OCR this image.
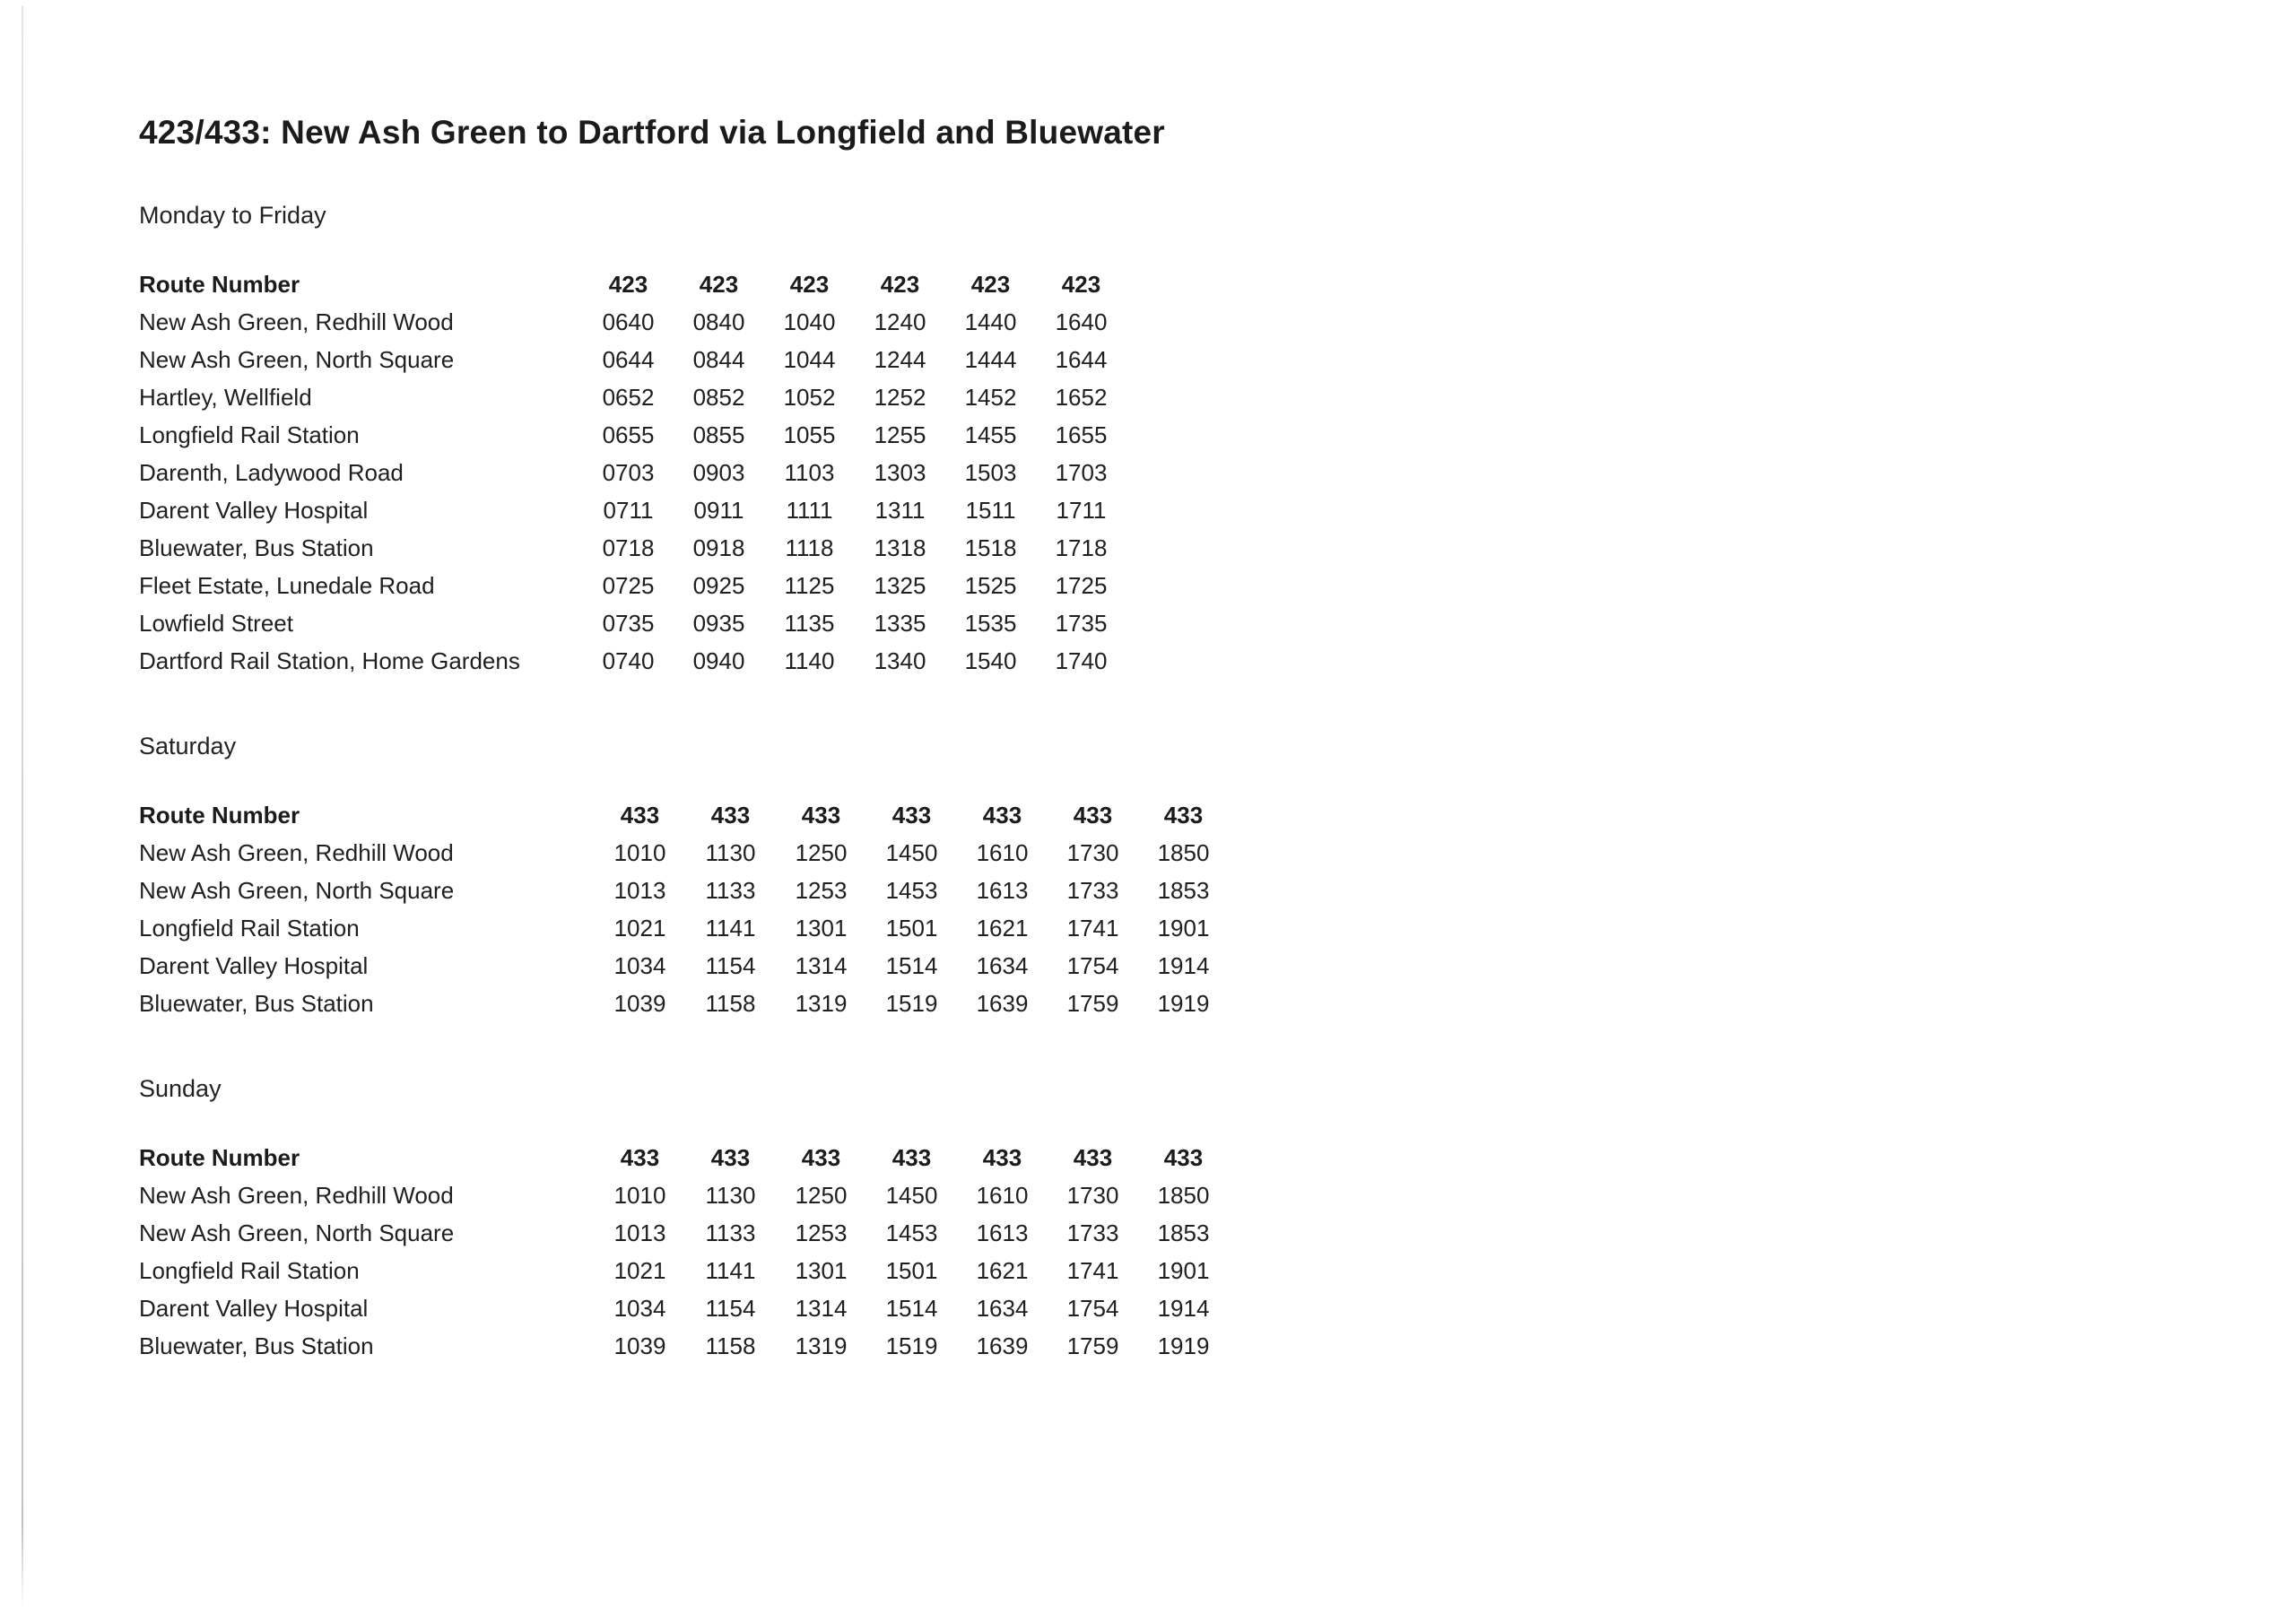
423/433: New Ash Green to Dartford via Longfield and Bluewater
Monday to Friday
Route Number	423	423	423	423	423	423
New Ash Green, Redhill Wood	0640	0840	1040	1240	1440	1640
New Ash Green, North Square	0644	0844	1044	1244	1444	1644
Hartley, Wellfield	0652	0852	1052	1252	1452	1652
Longfield Rail Station	0655	0855	1055	1255	1455	1655
Darenth, Ladywood Road	0703	0903	1103	1303	1503	1703
Darent Valley Hospital	0711	0911	1111	1311	1511	1711
Bluewater, Bus Station	0718	0918	1118	1318	1518	1718
Fleet Estate, Lunedale Road	0725	0925	1125	1325	1525	1725
Lowfield Street	0735	0935	1135	1335	1535	1735
Dartford Rail Station, Home Gardens	0740	0940	1140	1340	1540	1740
Saturday
Route Number	433	433	433	433	433	433	433
New Ash Green, Redhill Wood	1010	1130	1250	1450	1610	1730	1850
New Ash Green, North Square	1013	1133	1253	1453	1613	1733	1853
Longfield Rail Station	1021	1141	1301	1501	1621	1741	1901
Darent Valley Hospital	1034	1154	1314	1514	1634	1754	1914
Bluewater, Bus Station	1039	1158	1319	1519	1639	1759	1919
Sunday
Route Number	433	433	433	433	433	433	433
New Ash Green, Redhill Wood	1010	1130	1250	1450	1610	1730	1850
New Ash Green, North Square	1013	1133	1253	1453	1613	1733	1853
Longfield Rail Station	1021	1141	1301	1501	1621	1741	1901
Darent Valley Hospital	1034	1154	1314	1514	1634	1754	1914
Bluewater, Bus Station	1039	1158	1319	1519	1639	1759	1919
